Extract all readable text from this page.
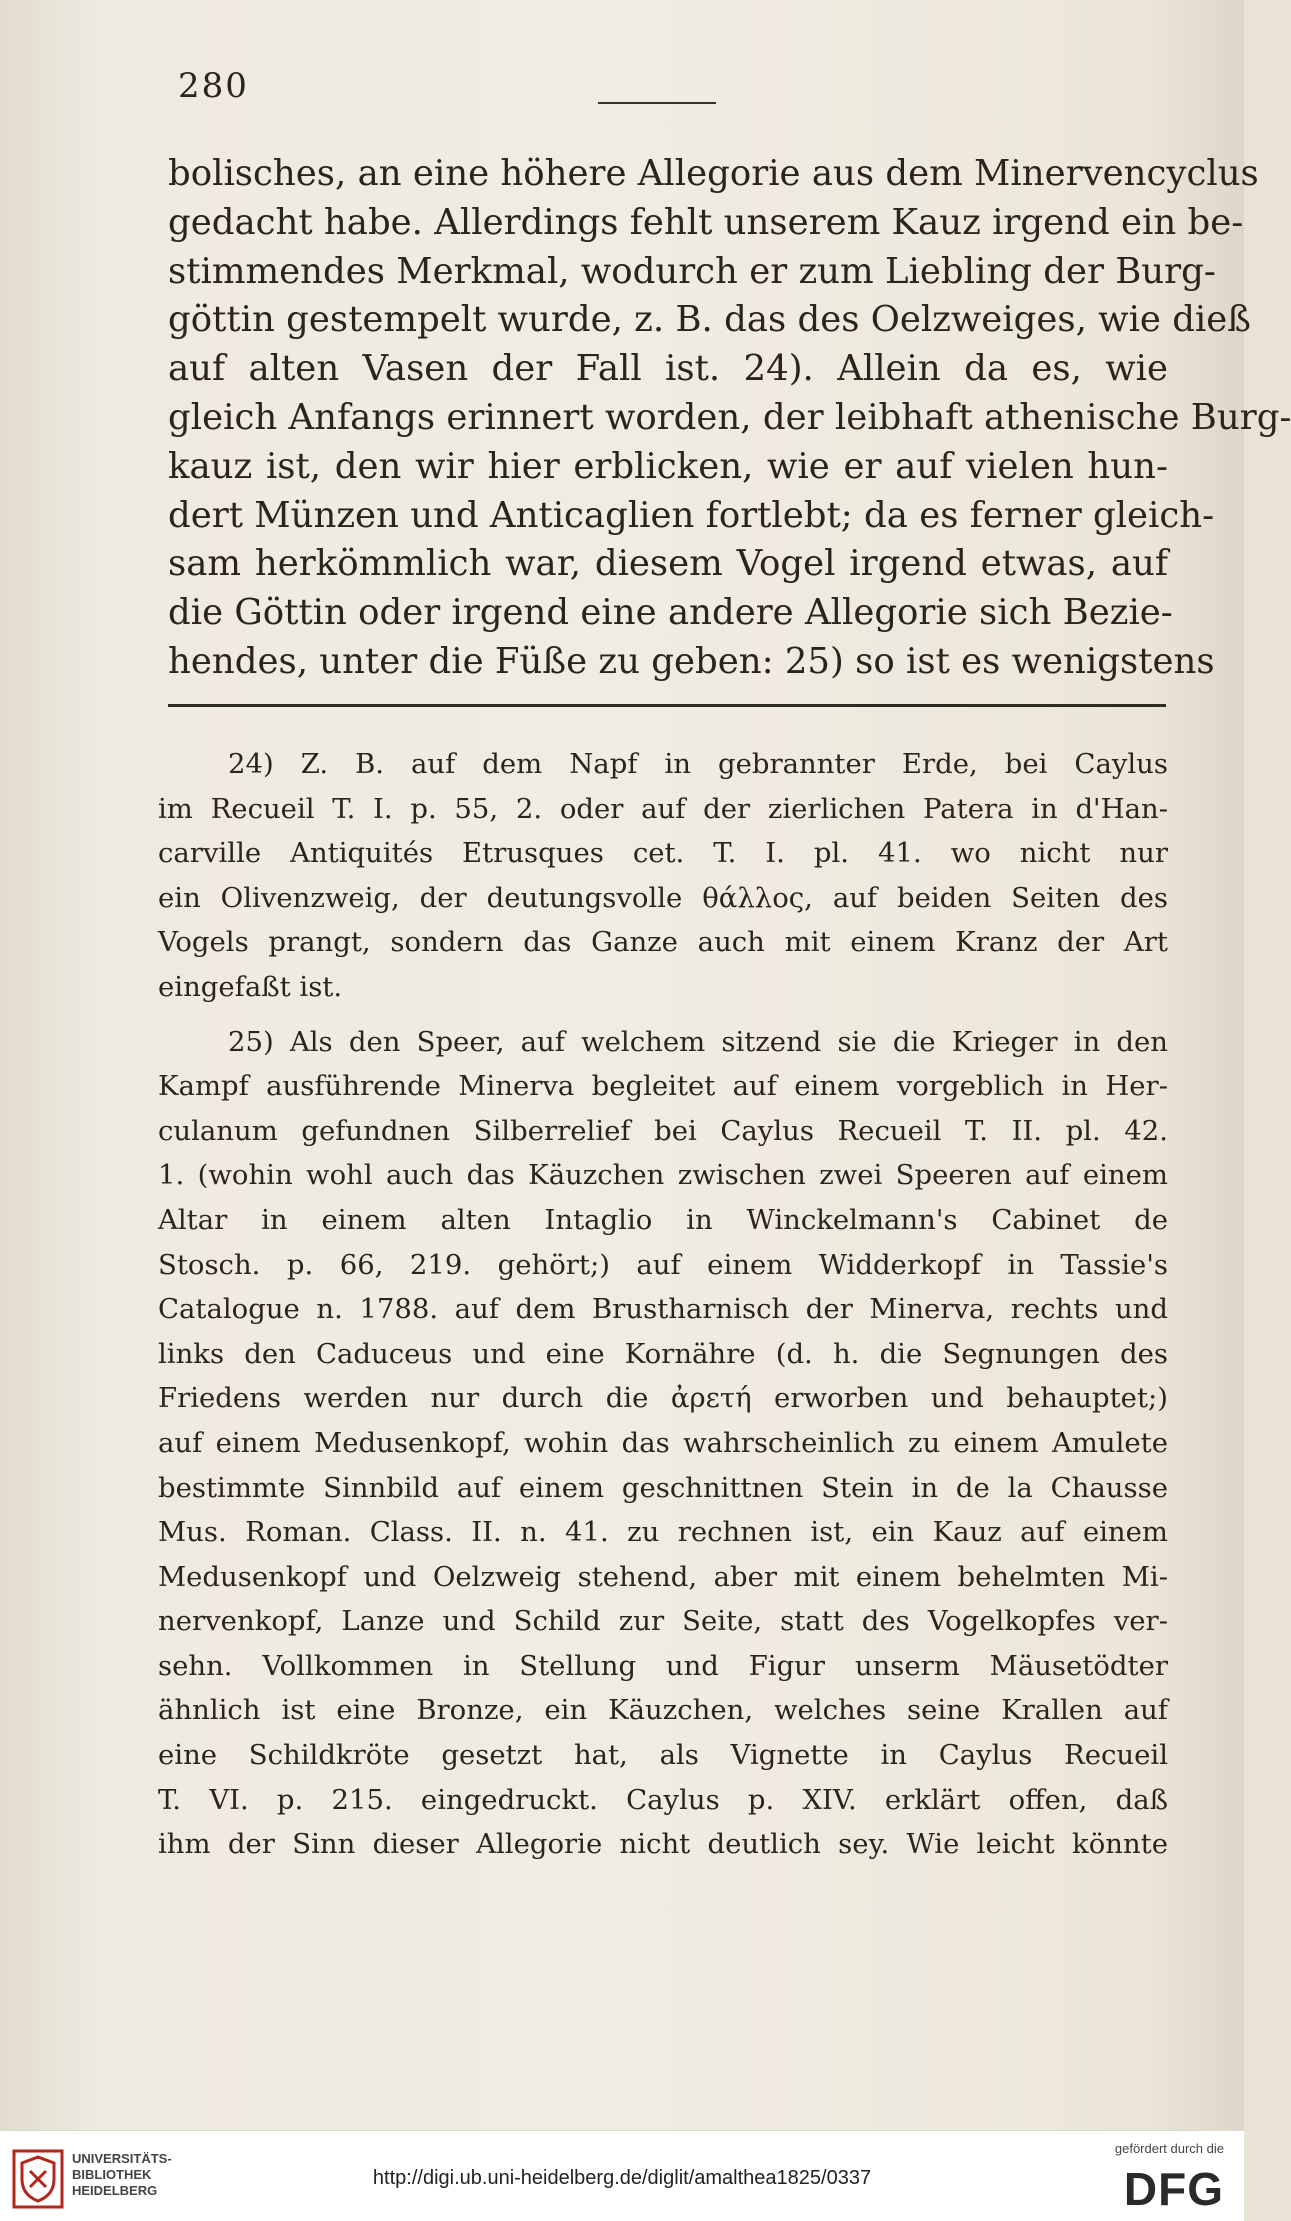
280
bolisches, an eine höhere Allegorie aus dem Minervencyclus
gedacht habe. Allerdings fehlt unserem Kauz irgend ein be-
stimmendes Merkmal, wodurch er zum Liebling der Burg-
göttin gestempelt wurde, z. B. das des Oelzweiges, wie dieß
auf alten Vasen der Fall ist. 24). Allein da es, wie
gleich Anfangs erinnert worden, der leibhaft athenische Burg-
kauz ist, den wir hier erblicken, wie er auf vielen hun-
dert Münzen und Anticaglien fortlebt; da es ferner gleich-
sam herkömmlich war, diesem Vogel irgend etwas, auf
die Göttin oder irgend eine andere Allegorie sich Bezie-
hendes, unter die Füße zu geben: 25) so ist es wenigstens
24) Z. B. auf dem Napf in gebrannter Erde, bei Caylus
im Recueil T. I. p. 55, 2. oder auf der zierlichen Patera in d'Han-
carville Antiquités Etrusques cet. T. I. pl. 41. wo nicht nur
ein Olivenzweig, der deutungsvolle θάλλος, auf beiden Seiten des
Vogels prangt, sondern das Ganze auch mit einem Kranz der Art
eingefaßt ist.
25) Als den Speer, auf welchem sitzend sie die Krieger in den
Kampf ausführende Minerva begleitet auf einem vorgeblich in Her-
culanum gefundnen Silberrelief bei Caylus Recueil T. II. pl. 42.
1. (wohin wohl auch das Käuzchen zwischen zwei Speeren auf einem
Altar in einem alten Intaglio in Winckelmann's Cabinet de
Stosch. p. 66, 219. gehört;) auf einem Widderkopf in Tassie's
Catalogue n. 1788. auf dem Brustharnisch der Minerva, rechts und
links den Caduceus und eine Kornähre (d. h. die Segnungen des
Friedens werden nur durch die ἀρετή erworben und behauptet;)
auf einem Medusenkopf, wohin das wahrscheinlich zu einem Amulete
bestimmte Sinnbild auf einem geschnittnen Stein in de la Chausse
Mus. Roman. Class. II. n. 41. zu rechnen ist, ein Kauz auf einem
Medusenkopf und Oelzweig stehend, aber mit einem behelmten Mi-
nervenkopf, Lanze und Schild zur Seite, statt des Vogelkopfes ver-
sehn. Vollkommen in Stellung und Figur unserm Mäusetödter
ähnlich ist eine Bronze, ein Käuzchen, welches seine Krallen auf
eine Schildkröte gesetzt hat, als Vignette in Caylus Recueil
T. VI. p. 215. eingedruckt. Caylus p. XIV. erklärt offen, daß
ihm der Sinn dieser Allegorie nicht deutlich sey. Wie leicht könnte
UNIVERSITÄTS-
BIBLIOTHEK
HEIDELBERG
http://digi.ub.uni-heidelberg.de/diglit/amalthea1825/0337
gefördert durch die
DFG
